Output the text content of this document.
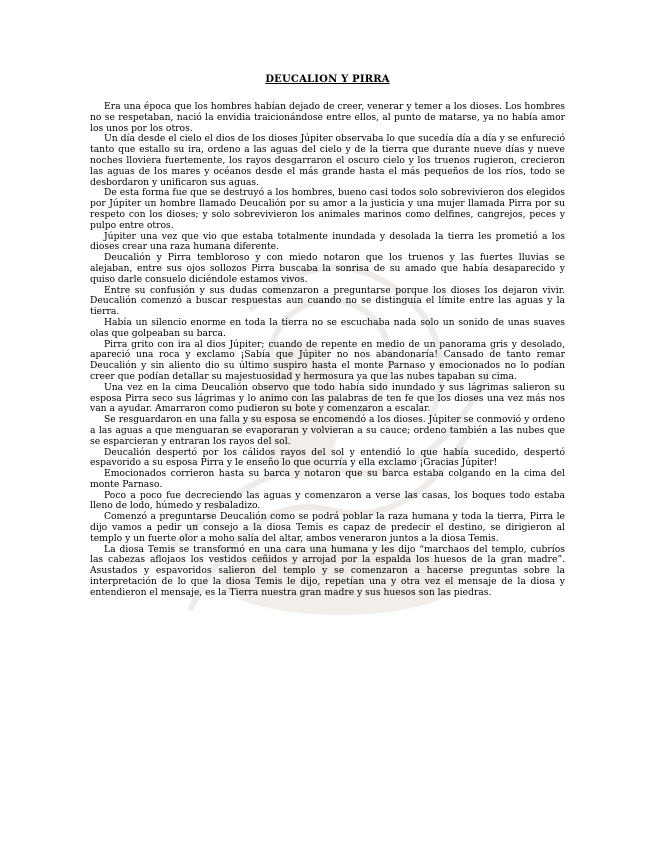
DEUCALION Y PIRRA

Era una época que los hombres habían dejado de creer, venerar y temer a los dioses. Los hombres no se respetaban, nació la envidia traicionándose entre ellos, al punto de matarse, ya no había amor los unos por los otros.

Un día desde el cielo el dios de los dioses Júpiter observaba lo que sucedía día a día y se enfureció tanto que estallo su ira, ordeno a las aguas del cielo y de la tierra que durante nueve días y nueve noches lloviera fuertemente, los rayos desgarraron el oscuro cielo y los truenos rugieron, crecieron las aguas de los mares y océanos desde el más grande hasta el más pequeños de los ríos, todo se desbordaron y unificaron sus aguas.

De esta forma fue que se destruyó a los hombres, bueno casi todos solo sobrevivieron dos elegidos por Júpiter un hombre llamado Deucalión por su amor a la justicia y una mujer llamada Pirra por su respeto con los dioses; y solo sobrevivieron los animales marinos como delfines, cangrejos, peces y pulpo entre otros.

Júpiter una vez que vio que estaba totalmente inundada y desolada la tierra les prometió a los dioses crear una raza humana diferente.

Deucalión y Pirra tembloroso y con miedo notaron que los truenos y las fuertes lluvias se alejaban, entre sus ojos sollozos Pirra buscaba la sonrisa de su amado que había desaparecido y quiso darle consuelo diciéndole estamos vivos.

Entre su confusión y sus dudas comenzaron a preguntarse porque los dioses los dejaron vivir. Deucalión comenzó a buscar respuestas aun cuando no se distinguía el límite entre las aguas y la tierra.

Había un silencio enorme en toda la tierra no se escuchaba nada solo un sonido de unas suaves olas que golpeaban su barca.

Pirra grito con ira al dios Júpiter; cuando de repente en medio de un panorama gris y desolado, apareció una roca y exclamo ¡Sabía que Júpiter no nos abandonaría! Cansado de tanto remar Deucalión y sin aliento dio su último suspiro hasta el monte Parnaso y emocionados no lo podían creer que podían detallar su majestuosidad y hermosura ya que las nubes tapaban su cima.

Una vez en la cima Deucalión observo que todo había sido inundado y sus lágrimas salieron su esposa Pirra seco sus lágrimas y lo animo con las palabras de ten fe que los dioses una vez más nos van a ayudar. Amarraron como pudieron su bote y comenzaron a escalar.

Se resguardaron en una falla y su esposa se encomendó a los dioses. Júpiter se conmovió y ordeno a las aguas a que menguaran se evaporaran y volvieran a su cauce; ordeno también a las nubes que se esparcieran y entraran los rayos del sol.

Deucalión despertó por los cálidos rayos del sol y entendió lo que había sucedido, despertó espavorido a su esposa Pirra y le enseño lo que ocurría y ella exclamo ¡Gracias Júpiter!

Emocionados corrieron hasta su barca y notaron que su barca estaba colgando en la cima del monte Parnaso.

Poco a poco fue decreciendo las aguas y comenzaron a verse las casas, los boques todo estaba lleno de lodo, húmedo y resbaladizo.

Comenzó a preguntarse Deucalión como se podrá poblar la raza humana y toda la tierra, Pirra le dijo vamos a pedir un consejo a la diosa Temis es capaz de predecir el destino, se dirigieron al templo y un fuerte olor a moho salía del altar, ambos veneraron juntos a la diosa Temis.

La diosa Temis se transformó en una cara una humana y les dijo “marchaos del templo, cubríos las cabezas aflojaos los vestidos ceñidos y arrojad por la espalda los huesos de la gran madre”. Asustados y espavoridos salieron del templo y se comenzaron a hacerse preguntas sobre la interpretación de lo que la diosa Temis le dijo, repetían una y otra vez el mensaje de la diosa y entendieron el mensaje, es la Tierra nuestra gran madre y sus huesos son las piedras.
